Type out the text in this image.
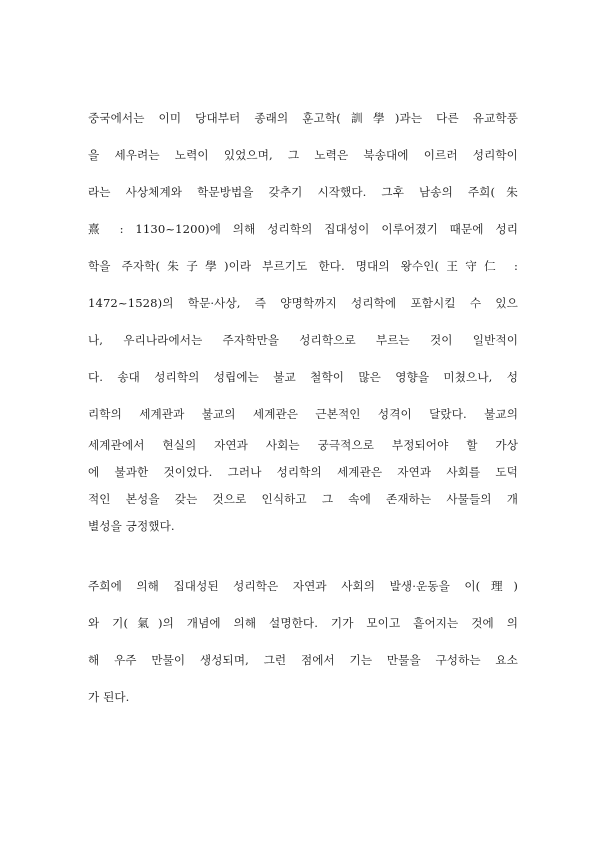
중국에서는 이미 당대부터 종래의 훈고학(訓學)과는 다른 유교학풍
을 세우려는 노력이 있었으며, 그 노력은 북송대에 이르러 성리학이
라는 사상체계와 학문방법을 갖추기 시작했다. 그후 남송의 주희(朱
熹 : 1130~1200)에 의해 성리학의 집대성이 이루어졌기 때문에 성리
학을 주자학(朱子學)이라 부르기도 한다. 명대의 왕수인(王守仁 :
1472~1528)의 학문·사상, 즉 양명학까지 성리학에 포함시킬 수 있으
나, 우리나라에서는 주자학만을 성리학으로 부르는 것이 일반적이
다. 송대 성리학의 성립에는 불교 철학이 많은 영향을 미쳤으나, 성
리학의 세계관과 불교의 세계관은 근본적인 성격이 달랐다. 불교의
세계관에서 현실의 자연과 사회는 궁극적으로 부정되어야 할 가상
에 불과한 것이었다. 그러나 성리학의 세계관은 자연과 사회를 도덕
적인 본성을 갖는 것으로 인식하고 그 속에 존재하는 사물들의 개
별성을 긍정했다.
주희에 의해 집대성된 성리학은 자연과 사회의 발생·운동을 이(理)
와 기(氣)의 개념에 의해 설명한다. 기가 모이고 흩어지는 것에 의
해 우주 만물이 생성되며, 그런 점에서 기는 만물을 구성하는 요소
가 된다.
